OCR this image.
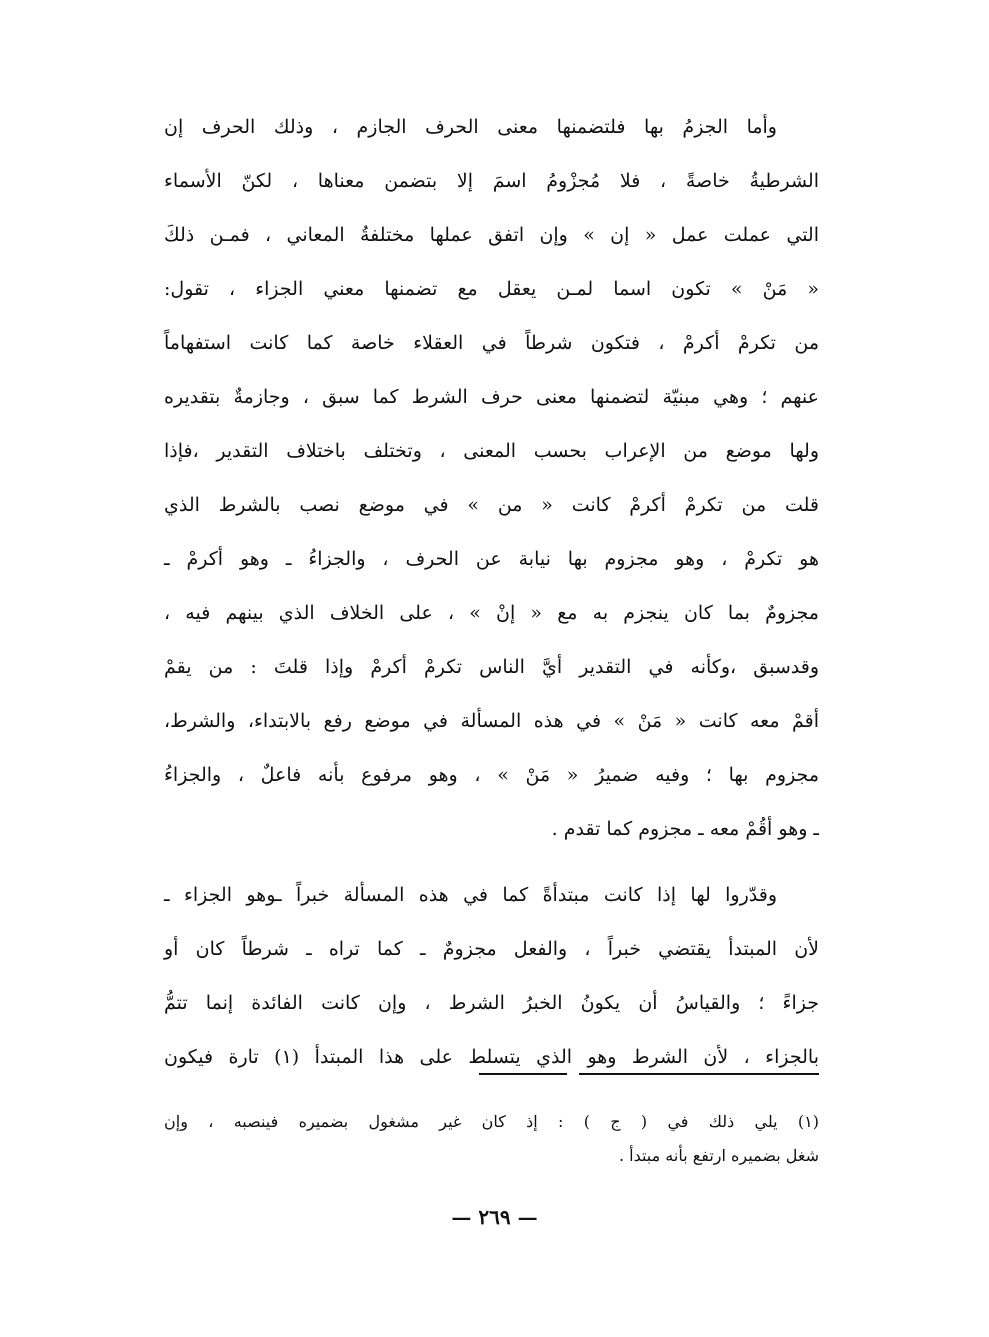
وأما الجزمُ بها فلتضمنها معنى الحرف الجازم ، وذلك الحرف إن
الشرطيةُ خاصةً ، فلا مُجزْومُ اسمَ إلا بتضمن معناها ، لكنّ الأسماء
التي عملت عمل « إن » وإن اتفق عملها مختلفةُ المعاني ، فمـن ذلكَ
« مَنْ » تكون اسما لمـن يعقل مع تضمنها معني الجزاء ، تقول:
من تكرمْ أكرمْ ، فتكون شرطاً في العقلاء خاصة كما كانت استفهاماً
عنهم ؛ وهي مبنيّة لتضمنها معنى حرف الشرط كما سبق ، وجازمةٌ بتقديره
ولها موضع من الإعراب بحسب المعنى ، وتختلف باختلاف التقدير ،فإذا
قلت من تكرمْ أكرمْ كانت « من » في موضع نصب بالشرط الذي
هو تكرمْ ، وهو مجزوم بها نيابة عن الحرف ، والجزاءُ ـ وهو أكرمْ ـ
مجزومٌ بما كان ينجزم به مع « إنْ » ، على الخلاف الذي بينهم فيه ،
وقدسبق ،وكأنه في التقدير أيَّ الناس تكرمْ أكرمْ وإذا قلتَ : من يقمْ
أقمْ معه كانت « مَنْ » في هذه المسألة في موضع رفع بالابتداء، والشرط،
مجزوم بها ؛ وفيه ضميرُ « مَنْ » ، وهو مرفوع بأنه فاعلٌ ، والجزاءُ
ـ وهو أقُمْ معه ـ مجزوم كما تقدم .
وقدّروا لها إذا كانت مبتدأةً كما في هذه المسألة خبراً ـوهو الجزاء ـ
لأن المبتدأ يقتضي خبراً ، والفعل مجزومٌ ـ كما تراه ـ شرطاً كان أو
جزاءً ؛ والقياسُ أن يكونُ الخبرُ الشرط ، وإن كانت الفائدة إنما تتمُّ
بالجزاء ، لأن الشرط وهو الذي يتسلط على هذا المبتدأ (١) تارة فيكون
(١) يلي ذلك في ( ج ) : إذ كان غير مشغول بضميره فينصبه ، وإن
شغل بضميره ارتفع بأنه مبتدأ .
— ٢٦٩ —
